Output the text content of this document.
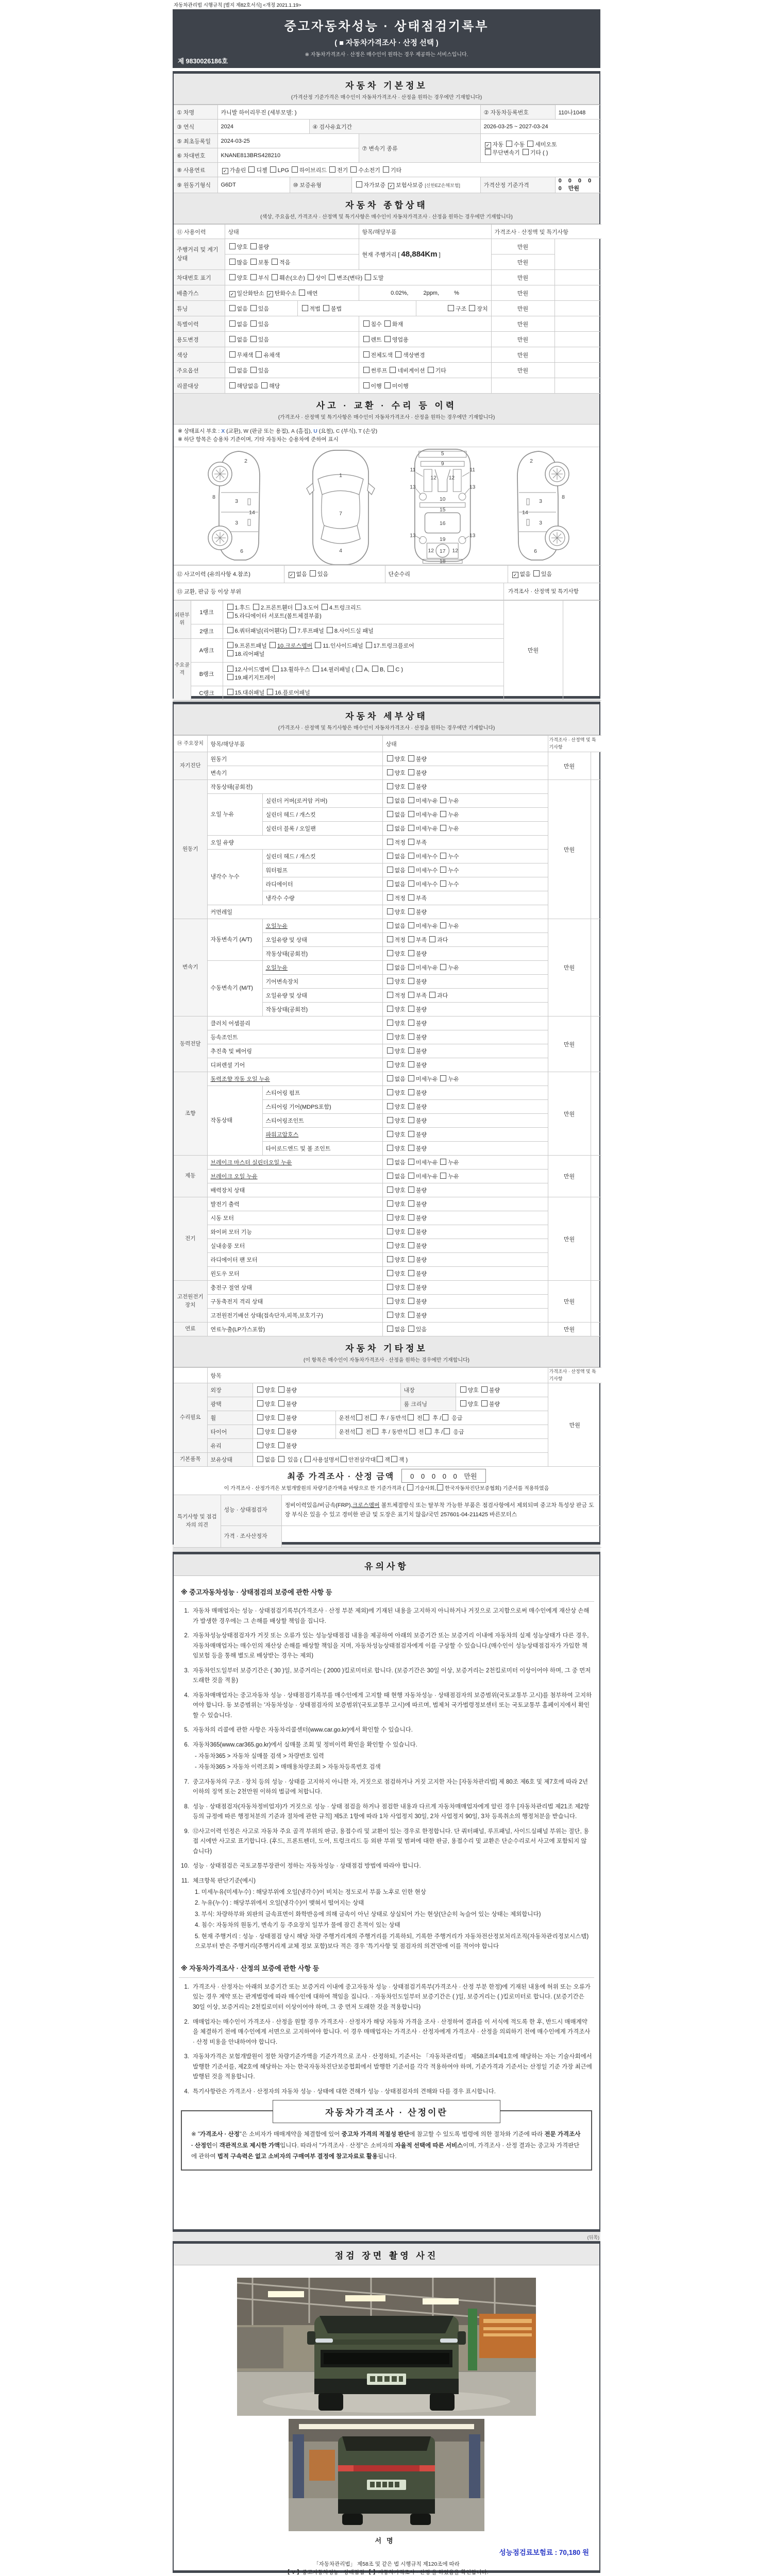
자동차관리법 시행규칙 [별지 제82호서식] <개정 2021.1.19>
중고자동차성능 · 상태점검기록부
( ■ 자동차가격조사 · 산정 선택 )
※ 자동차가격조사 · 산정은 매수인이 원하는 경우 제공하는 서비스입니다.
제 9830026186호
자동차 기본정보
(가격산정 기준가격은 매수인이 자동차가격조사 · 산정을 원하는 경우에만 기재합니다)
① 차명	카니발 하이리무진 (세부모델: )					② 자동차등록번호	110나1048
③ 연식	2024		④ 검사유효기간			2026-03-25 ~ 2027-03-24	
⑤ 최초등록일	2024-03-25				⑦ 변속기 종류	✓ 자동 수동 세미오토
무단변속기 기타 ( )	
⑥ 차대번호	KNANE813BRS428210						
⑧ 사용연료	✓ 가솔린 디젤 LPG 하이브리드 전기 수소전기 기타						
⑨ 원동기형식	G6DT	⑩ 보증유형		자가보증 ✓ 보험사보증 [신한EZ손해보험]		가격산정 기준가격	0 0 0 0 0 만원
자동차 종합상태
(색상, 주요옵션, 가격조사 · 산정액 및 특기사항은 매수인이 자동차가격조사 · 산정을 원하는 경우에만 기재합니다)
⑪ 사용이력	상태		항목/해당부품		가격조사 · 산정액 및 특기사항	
주행거리 및 계기상태	양호 불량		현재 주행거리 [ 48,884Km ]		만원	
	많음 보통 적음				만원	
차대번호 표기	양호 부식 훼손(오손) 상이 변조(변타) 도말				만원	
배출가스	✓ 일산화탄소 ✓ 탄화수소 매연		0.02%, 2ppm, %		만원	
튜닝	없음 있음	적법 불법		구조 장치	만원	
특별이력	없음 있음		침수 화재		만원	
용도변경	없음 있음		렌트 영업용		만원	
색상	무채색 유채색		전체도색 색상변경		만원	
주요옵션	없음 있음		썬루프 네비게이션 기타		만원	
리콜대상	해당없음 해당		이행 미이행			
사고 · 교환 · 수리 등 이력
(가격조사 · 산정액 및 특기사항은 매수인이 자동차가격조사 · 산정을 원하는 경우에만 기재합니다)
※ 상태표시 부호 : X (교환), W (판금 또는 용접), A (흠집), U (요철), C (부식), T (손상)
※ 하단 항목은 승용차 기준이며, 기타 자동차는 승용차에 준하여 표시
2
8
3
14
3
6
1
7
4
5
9
11	11
12 12
13	13
10
15
16
13	13
19
12	12
17
18
2
8
3
14
3
6
⑫ 사고이력 (유의사항 4.참조)	✓ 없음 있음	단순수리	✓ 없음 있음
⑬ 교환, 판금 등 이상 부위	가격조사 · 산정액 및 특기사항
외판부위	1랭크	1.후드 2.프론트휀더 3.도어 4.트렁크리드
5.라디에이터 서포트(볼트체결부품)	만원	
	2랭크	6.쿼터패널(리어휀다) 7.루프패널 8.사이드실 패널		
주요골격	A랭크	9.프론트패널 10.크로스멤버 11.인사이드패널 17.트렁크플로어
18.리어패널		
	B랭크	12.사이드멤버 13.휠하우스 14.필러패널 ( A, B, C )
19.패키지트레이		
	C랭크	15.대쉬패널 16.플로어패널		
자동차 세부상태
(가격조사 · 산정액 및 특기사항은 매수인이 자동차가격조사 · 산정을 원하는 경우에만 기재합니다)
⑭ 주요장치	항목/해당부품		상태	가격조사 · 산정액 및 특기사항	
자기진단	원동기		양호 불량	만원	
	변속기		양호 불량		
원동기	작동상태(공회전)		양호 불량	만원	
	오일 누유	실린더 커버(로커암 커버)	없음 미세누유 누유		
		실린더 헤드 / 개스킷	없음 미세누유 누유		
		실린더 블록 / 오일팬	없음 미세누유 누유		
	오일 유량		적정 부족		
	냉각수 누수	실린더 헤드 / 개스킷	없음 미세누수 누수		
		워터펌프	없음 미세누수 누수		
		라디에이터	없음 미세누수 누수		
		냉각수 수량	적정 부족		
	커먼레일		양호 불량		
변속기	자동변속기 (A/T)	오일누유	없음 미세누유 누유	만원	
		오일유량 및 상태	적정 부족 과다		
		작동상태(공회전)	양호 불량		
	수동변속기 (M/T)	오일누유	없음 미세누유 누유		
		기어변속장치	양호 불량		
		오일유량 및 상태	적정 부족 과다		
		작동상태(공회전)	양호 불량		
동력전달	클러치 어셈블리		양호 불량	만원	
	등속조인트		양호 불량		
	추진축 및 베어링		양호 불량		
	디퍼렌셜 기어		양호 불량		
조향	동력조향 작동 오일 누유		없음 미세누유 누유	만원	
	작동상태	스티어링 펌프	양호 불량		
		스티어링 기어(MDPS포함)	양호 불량		
		스티어링조인트	양호 불량		
		파워고압호스	양호 불량		
		타이로드엔드 및 볼 조인트	양호 불량		
제동	브레이크 마스터 실린더오일 누유		없음 미세누유 누유	만원	
	브레이크 오일 누유		없음 미세누유 누유		
	배력장치 상태		양호 불량		
전기	발전기 출력		양호 불량	만원	
	시동 모터		양호 불량		
	와이퍼 모터 기능		양호 불량		
	실내송풍 모터		양호 불량		
	라디에이터 팬 모터		양호 불량		
	윈도우 모터		양호 불량		
고전원전기장치	충전구 절연 상태		양호 불량	만원	
	구동축전지 격리 상태		양호 불량		
	고전원전기배선 상태(접속단자,피복,보호기구)		양호 불량		
연료	연료누출(LP가스포함)		없음 있음	만원	
자동차 기타정보
(이 항목은 매수인이 자동차가격조사 · 산정을 원하는 경우에만 기재합니다)
	항목					가격조사 · 산정액 및 특기사항
수리필요	외장	양호 불량		내장	양호 불량	만원
	광택	양호 불량		룸 크리닝	양호 불량	
	휠	양호 불량	운전석 전 후 / 동반석 전 후 / 응급			
	타이어	양호 불량	운전석 전 후 / 동반석 전 후 / 응급			
	유리	양호 불량				
기본품목	보유상태	없음  있음 ( 사용설명서 안전삼각대 잭 잭 )				
최종 가격조사 · 산정 금액	0 0 0 0 0 만원
이 가격조사 · 산정가격은 보험개발원의 차량기준가액을 바탕으로 한 기준가격과 ( 기술사회, 한국자동차진단보증협회) 기준서를 적용하였음
특기사항 및 점검자의 의견	성능 · 상태점검자	정비이력있음/비금속(FRP),크로스멤버 볼트체결방식 또는 탈부착 가능한 부품은 점검사항에서 제외되며 중고차 특성상 판금 도장 부식은 있을 수 있고 경미한 판금 및 도장은 표기치 않음/국민 257601-04-211425 바른모터스
	가격 · 조사산정자	
유의사항
※ 중고자동차성능 · 상태점검의 보증에 관한 사항 등
1. 자동차 매매업자는 성능 · 상태점검기록부(가격조사 · 산정 부분 제외)에 기재된 내용을 고지하지 아니하거나 거짓으로 고지함으로써 매수인에게 재산상 손해가 발생한 경우에는 그 손해를 배상할 책임을 집니다.
2. 자동차성능상태점검자가 거짓 또는 오류가 있는 성능상태점검 내용을 제공하여 아래의 보증기간 또는 보증거리 이내에 자동차의 실제 성능상태가 다른 경우, 자동차매매업자는 매수인의 재산상 손해를 배상할 책임을 지며, 자동차성능상태점검자에게 이를 구상할 수 있습니다.(매수인이 성능상태점검자가 가입한 책임보험 등을 통해 별도로 배상받는 경우는 제외)
3. 자동차인도일부터 보증기간은 ( 30 )일, 보증거리는 ( 2000 )킬로미터로 합니다. (보증기간은 30일 이상, 보증거리는 2천킬로미터 이상이어야 하며, 그 중 먼저 도래한 것을 적용)
4. 자동차매매업자는 중고자동차 성능 · 상태점검기록부를 매수인에게 고지할 때 현행 자동차성능 · 상태점검자의 보증범위(국토교통부 고시)를 첨부하여 고지하여야 합니다. 동 보증범위는 '자동차성능 · 상태점검자의 보증범위'(국토교통부 고시)에 따르며, 법제처 국가법령정보센터 또는 국토교통부 홈페이지에서 확인할 수 있습니다.
5. 자동차의 리콜에 관한 사항은 자동차리콜센터(www.car.go.kr)에서 확인할 수 있습니다.
6. 자동차365(www.car365.go.kr)에서 실매물 조회 및 정비이력 확인을 확인할 수 있습니다.
- 자동차365 > 자동차 실매물 검색 > 차량번호 입력
- 자동차365 > 자동차 이력조회 > 매매용차량조회 > 자동차등록번호 검색
7. 중고자동차의 구조 · 장치 등의 성능 · 상태를 고지하지 아니한 자, 거짓으로 점검하거나 거짓 고지한 자는 [자동차관리법] 제 80조 제6호 및 제7호에 따라 2년 이하의 징역 또는 2천만원 이하의 벌금에 처합니다.
8. 성능 · 상태점검자(자동차정비업자)가 거짓으로 성능 · 상태 점검을 하거나 점검한 내용과 다르게 자동차매매업자에게 알린 경우 [자동차관리법 제21조 제2항 등의 규정에 따른 행정처분의 기준과 절차에 관한 규칙] 제5조 1항에 따라 1차 사업정지 30일, 2차 사업정지 90일, 3차 등록취소의 행정처분을 받습니다.
9. ⑫사고이력 인정은 사고로 자동차 주요 골격 부위의 판금, 용접수리 및 교환이 있는 경우로 한정합니다. 단 쿼터패널, 루프패널, 사이드실패널 부위는 절단, 용접 시에만 사고로 표기합니다. (후드, 프론트펜더, 도어, 트렁크리드 등 외판 부위 및 범퍼에 대한 판금, 용접수리 및 교환은 단순수리로서 사고에 포함되지 않습니다)
10. 성능 · 상태점검은 국토교통부장관이 정하는 자동차성능 · 상태점검 방법에 따라야 합니다.
11. 체크항목 판단기준(예시)
1. 미세누유(미세누수) : 해당부위에 오일(냉각수)이 비치는 정도로서 부품 노후로 인한 현상
2. 누유(누수) : 해당부위에서 오일(냉각수)이 맺혀서 떨어지는 상태
3. 부식: 차량하부와 외판의 금속표면이 화학반응에 의해 금속이 아닌 상태로 상실되어 가는 현상(단순히 녹슬어 있는 상태는 제외합니다)
4. 침수: 자동차의 원동기, 변속기 등 주요장치 일부가 물에 잠긴 흔적이 있는 상태
5. 현재 주행거리 : 성능 · 상태점검 당시 해당 차량 주행거리계의 주행거리를 기록하되, 기록한 주행거리가 자동차전산정보처리조직(자동차관리정보시스템)으로부터 받은 주행거리(주행거리계 교체 정보 포함)보다 적은 경우 '특기사항 및 점검자의 의견'란에 이를 적어야 합니다
※ 자동차가격조사 · 산정의 보증에 관한 사항 등
1. 가격조사 · 산정자는 아래의 보증기간 또는 보증거리 이내에 중고자동차 성능 · 상태점검기록부(가격조사 · 산정 부분 한정)에 기재된 내용에 허위 또는 오류가 있는 경우 계약 또는 관계법령에 따라 매수인에 대하여 책임을 집니다. · 자동차인도일부터 보증기간은 ( )일, 보증거리는 ( )킬로미터로 합니다. (보증기간은 30일 이상, 보증거리는 2천킬로미터 이상이어야 하며, 그 중 먼저 도래한 것을 적용합니다)
2. 매매업자는 매수인이 가격조사 · 산정을 원할 경우 가격조사 · 산정자가 해당 자동차 가격을 조사 · 산정하여 결과를 이 서식에 적도록 한 후, 반드시 매매계약을 체결하기 전에 매수인에게 서면으로 고지하여야 합니다. 이 경우 매매업자는 가격조사 · 산정자에게 가격조사 · 산정을 의뢰하기 전에 매수인에게 가격조사 · 산정 비용을 안내하여야 합니다.
3. 자동차가격은 보험개발원이 정한 차량기준가액을 기준가격으로 조사 · 산정하되, 기준서는 「자동차관리법」 제58조의4제1호에 해당하는 자는 기술사회에서 발행한 기준서를, 제2호에 해당하는 자는 한국자동차진단보증협회에서 발행한 기준서를 각각 적용하여야 하며, 기준가격과 기준서는 산정일 기준 가장 최근에 발행된 것을 적용합니다.
4. 특기사항란은 가격조사 · 산정자의 자동차 성능 · 상태에 대한 견해가 성능 · 상태점검자의 견해와 다를 경우 표시합니다.
자동차가격조사 · 산정이란
※ "가격조사 · 산정"은 소비자가 매매계약을 체결함에 있어 중고차 가격의 적절성 판단에 참고할 수 있도록 법령에 의한 절차와 기준에 따라 전문 가격조사 · 산정인이 객관적으로 제시한 가액입니다. 따라서 "가격조사 · 산정"은 소비자의 자율적 선택에 따른 서비스이며, 가격조사 · 산정 결과는 중고차 가격판단에 관하여 법적 구속력은 없고 소비자의 구매여부 결정에 참고자료로 활용됩니다.
(뒤쪽)
점검 장면 촬영 사진
서명
성능점검료보험료 : 70,180 원
「자동차관리법」 제58조 및 같은 법 시행규칙 제120조에 따라
【 V 】중고자동차성능 · 상태점검 【 】자동차가격조사 · 산정 을 하였음을 확인합니다.
